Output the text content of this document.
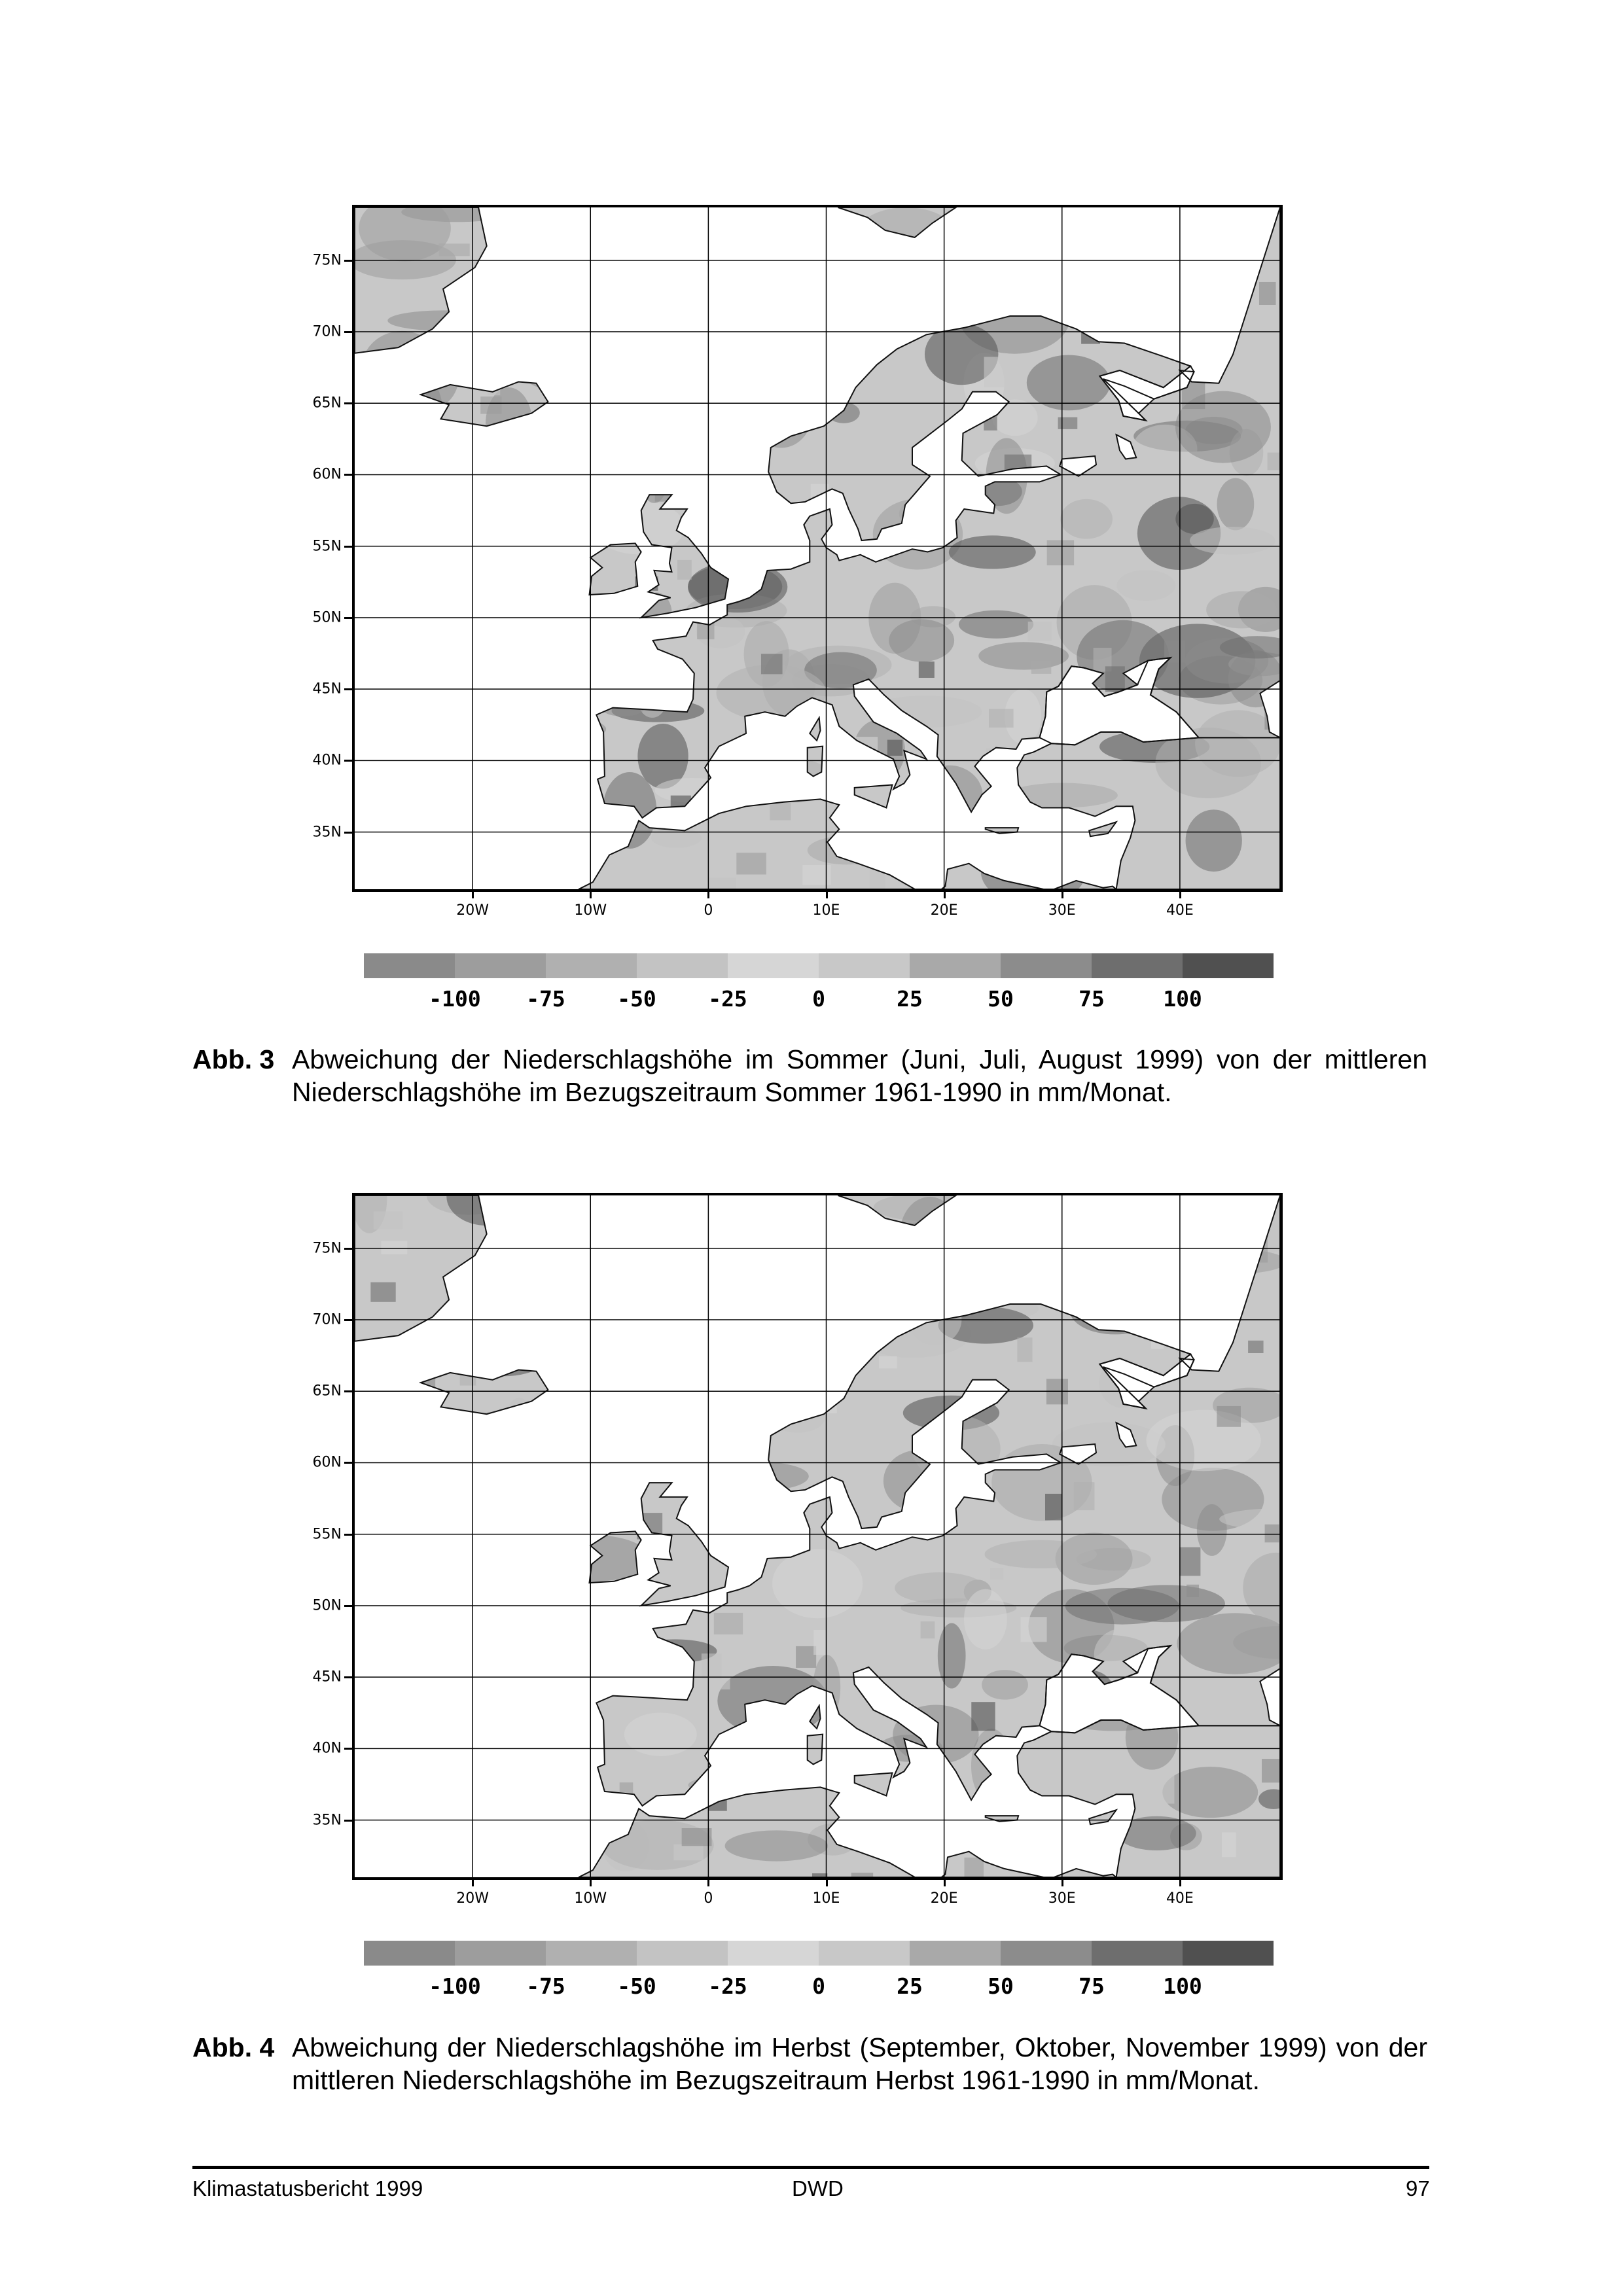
Abb. 3 Abweichung der Niederschlagshöhe im Sommer (Juni, Juli, August 1999) von der mittleren Niederschlagshöhe im Bezugszeitraum Sommer 1961-1990 in mm/Monat.
Abb. 4 Abweichung der Niederschlagshöhe im Herbst (September, Oktober, November 1999) von der mittleren Niederschlagshöhe im Bezugszeitraum Herbst 1961-1990 in mm/Monat.
Klimastatusbericht 1999	DWD	97
75N
70N
65N
60N
55N
50N
45N
40N
35N
20W	10W	0	10E	20E	30E	40E
75N
70N
65N
60N
55N
50N
45N
40N
35N
20W	10W	0	10E	20E	30E	40E
-100 -75 -50 -25	0	25	50	75	100
-100 -75 -50 -25	0	25	50	75	100
